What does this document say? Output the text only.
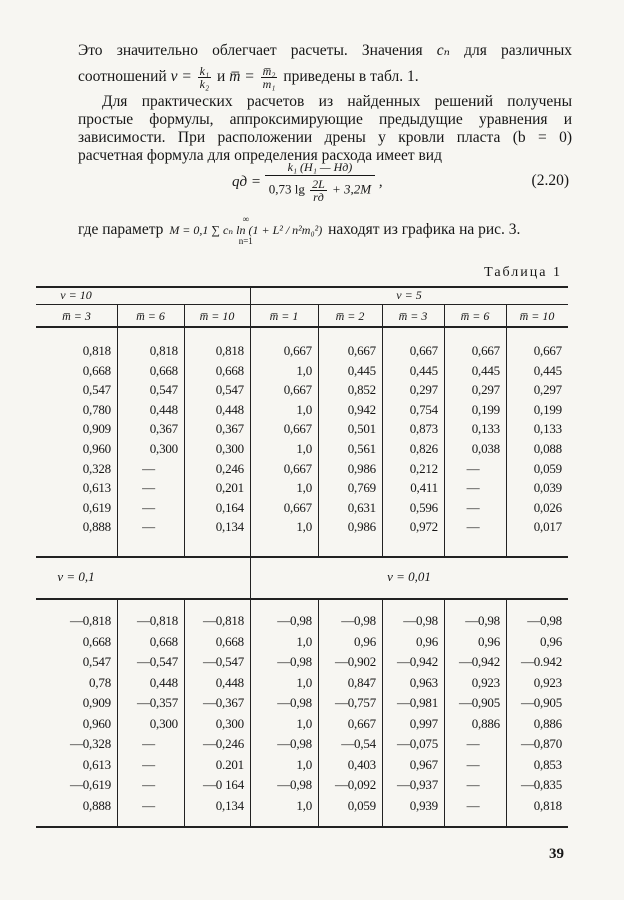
Это значительно облегчает расчеты. Значения cₙ для различных
соотношений $\nu = \frac{\text{k₁}}{\text{k₂}}$ и m̅ = $\frac{\text{m̅₂}}{\text{m₁}}$ приведены в табл. 1.
Для практических расчетов из найденных решений получены
простые формулы, аппроксимирующие предыдущие уравнения и
зависимости. При расположении дрены у кровли пласта (b = 0)
расчетная формула для определения расхода имеет вид
qд =
k₁ (H₁ — Hд)
0,73 $\lg \frac{2L}{rд} + 3,2M$ ,	(2.20)
где параметр
∞
M = 0,1 ∑ cₙ ln (1 + L² / n²m₀²)
n=1
находят из графика на рис. 3.
Таблица 1
ν = 10	ν = 5
ν = 0,1	ν = 0,01
m̅ = 3	m̅ = 6	m̅ = 10	m̅ = 1	m̅ = 2	m̅ = 3	m̅ = 6	m̅ = 10
0,818	0,818	0,818	0,667	0,667	0,667	0,667	0,667
0,668	0,668	0,668	1,0	0,445	0,445	0,445	0,445
0,547	0,547	0,547	0,667	0,852	0,297	0,297	0,297
0,780	0,448	0,448	1,0	0,942	0,754	0,199	0,199
0,909	0,367	0,367	0,667	0,501	0,873	0,133	0,133
0,960	0,300	0,300	1,0	0,561	0,826	0,038	0,088
0,328	—	0,246	0,667	0,986	0,212	—	0,059
0,613	—	0,201	1,0	0,769	0,411	—	0,039
0,619	—	0,164	0,667	0,631	0,596	—	0,026
0,888	—	0,134	1,0	0,986	0,972	—	0,017
—0,818	—0,818	—0,818	—0,98	—0,98	—0,98	—0,98	—0,98
0,668	0,668	0,668	1,0	0,96	0,96	0,96	0,96
0,547	—0,547	—0,547	—0,98	—0,902	—0,942	—0,942	—0.942
0,78	0,448	0,448	1,0	0,847	0,963	0,923	0,923
0,909	—0,357	—0,367	—0,98	—0,757	—0,981	—0,905	—0,905
0,960	0,300	0,300	1,0	0,667	0,997	0,886	0,886
—0,328	—	—0,246	—0,98	—0,54	—0,075	—	—0,870
0,613	—	0.201	1,0	0,403	0,967	—	0,853
—0,619	—	—0 164	—0,98	—0,092	—0,937	—	—0,835
0,888	—	0,134	1,0	0,059	0,939	—	0,818
39
